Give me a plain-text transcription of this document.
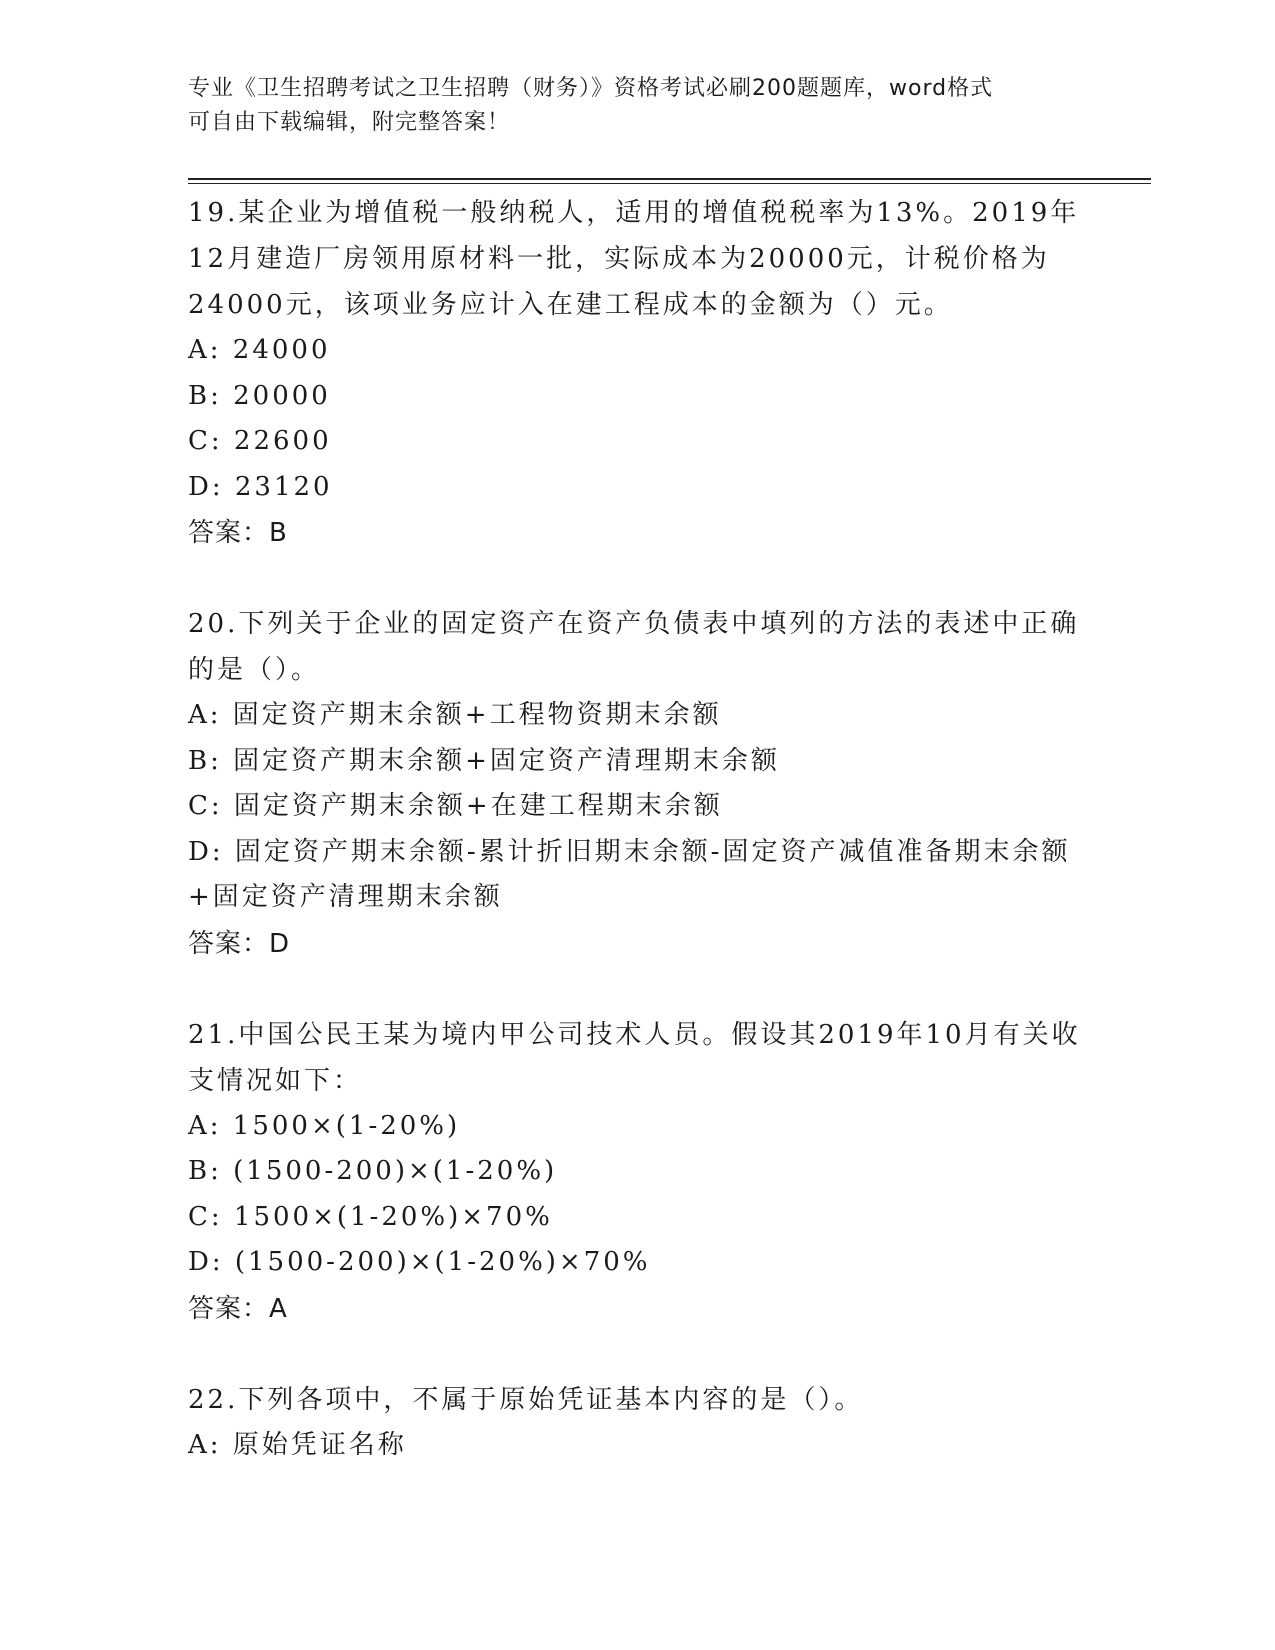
专业《卫生招聘考试之卫生招聘（财务）》资格考试必刷200题题库，word格式
可自由下载编辑，附完整答案！
19.某企业为增值税一般纳税人，适用的增值税税率为13%。2019年12月建造厂房领用原材料一批，实际成本为20000元，计税价格为24000元，该项业务应计入在建工程成本的金额为（）元。
A: 24000
B: 20000
C: 22600
D: 23120
答案：B
20.下列关于企业的固定资产在资产负债表中填列的方法的表述中正确的是（）。
A: 固定资产期末余额+工程物资期末余额
B: 固定资产期末余额+固定资产清理期末余额
C: 固定资产期末余额+在建工程期末余额
D: 固定资产期末余额-累计折旧期末余额-固定资产减值准备期末余额+固定资产清理期末余额
答案：D
21.中国公民王某为境内甲公司技术人员。假设其2019年10月有关收支情况如下：
A: 1500×(1-20%)
B: (1500-200)×(1-20%)
C: 1500×(1-20%)×70%
D: (1500-200)×(1-20%)×70%
答案：A
22.下列各项中，不属于原始凭证基本内容的是（）。
A: 原始凭证名称
